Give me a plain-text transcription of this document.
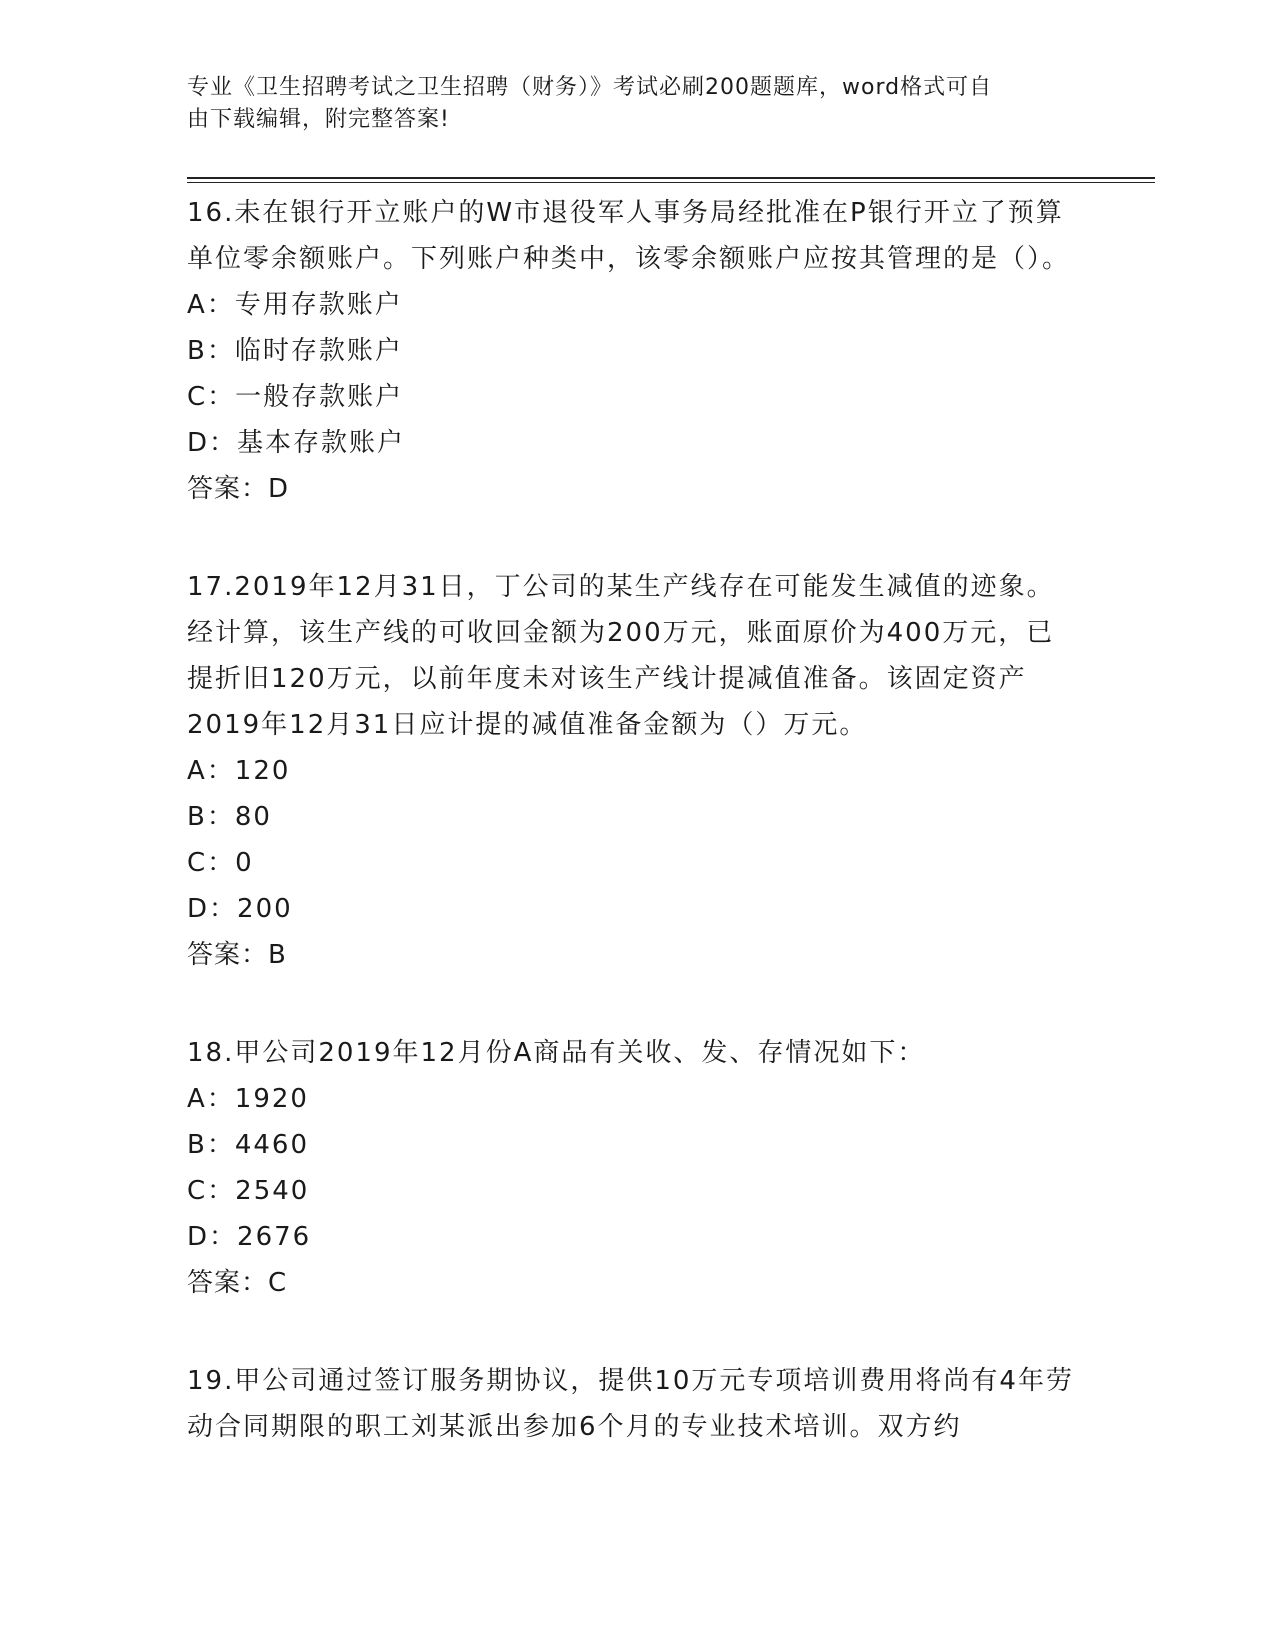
专业《卫生招聘考试之卫生招聘（财务）》考试必刷200题题库，word格式可自
由下载编辑，附完整答案!

16.未在银行开立账户的W市退役军人事务局经批准在P银行开立了预算单位零余额账户。下列账户种类中，该零余额账户应按其管理的是（）。

A：专用存款账户

B：临时存款账户

C：一般存款账户

D：基本存款账户

答案：D

17.2019年12月31日，丁公司的某生产线存在可能发生减值的迹象。经计算，该生产线的可收回金额为200万元，账面原价为400万元，已提折旧120万元，以前年度未对该生产线计提减值准备。该固定资产2019年12月31日应计提的减值准备金额为（）万元。

A：120

B：80

C：0

D：200

答案：B

18.甲公司2019年12月份A商品有关收、发、存情况如下：

A：1920

B：4460

C：2540

D：2676

答案：C

19.甲公司通过签订服务期协议，提供10万元专项培训费用将尚有4年劳动合同期限的职工刘某派出参加6个月的专业技术培训。双方约
